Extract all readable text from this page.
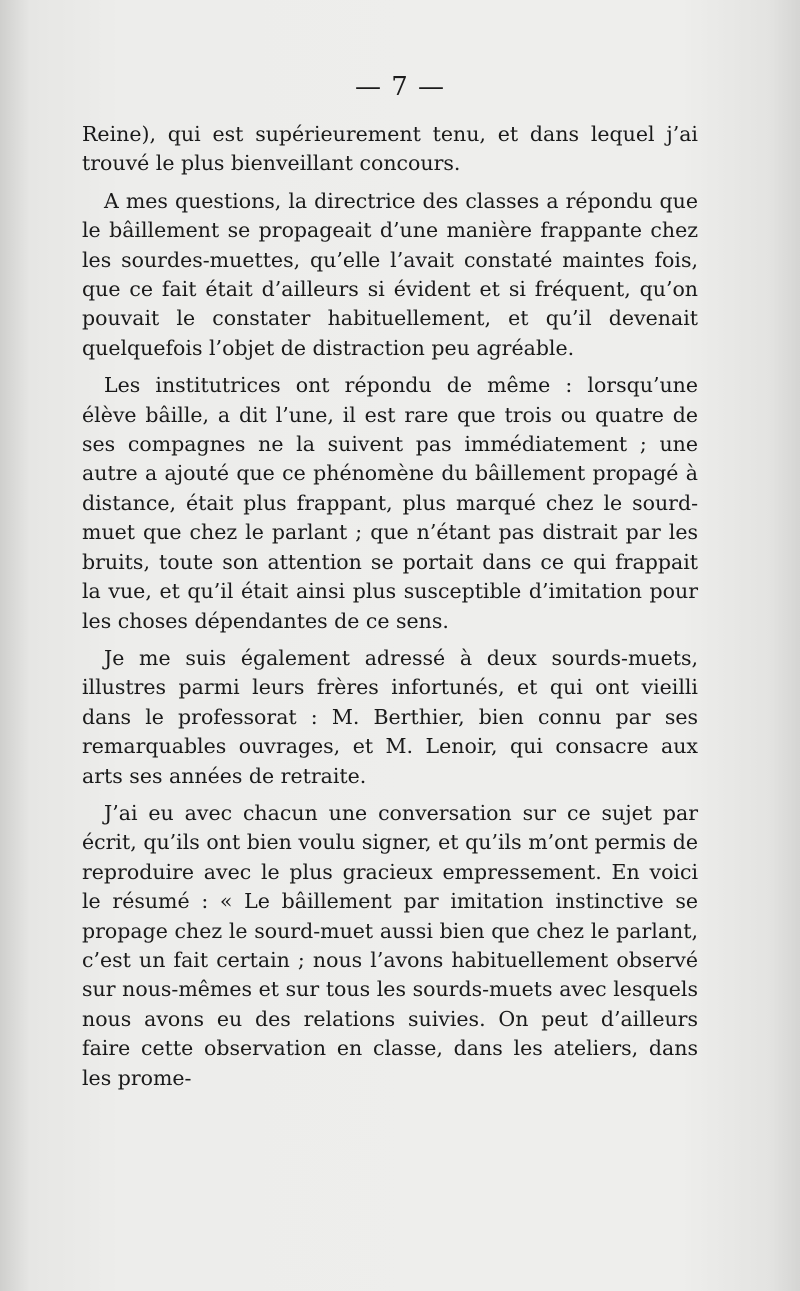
— 7 —

Reine), qui est supérieurement tenu, et dans lequel j’ai trouvé le plus bienveillant concours.

A mes questions, la directrice des classes a répondu que le bâillement se propageait d’une manière frappante chez les sourdes-muettes, qu’elle l’avait constaté maintes fois, que ce fait était d’ailleurs si évident et si fréquent, qu’on pouvait le constater habituellement, et qu’il devenait quelquefois l’objet de distraction peu agréable.

Les institutrices ont répondu de même : lorsqu’une élève bâille, a dit l’une, il est rare que trois ou quatre de ses compagnes ne la suivent pas immédiatement ; une autre a ajouté que ce phénomène du bâillement propagé à distance, était plus frappant, plus marqué chez le sourd-muet que chez le parlant ; que n’étant pas distrait par les bruits, toute son attention se portait dans ce qui frappait la vue, et qu’il était ainsi plus susceptible d’imitation pour les choses dépendantes de ce sens.

Je me suis également adressé à deux sourds-muets, illustres parmi leurs frères infortunés, et qui ont vieilli dans le professorat : M. Berthier, bien connu par ses remarquables ouvrages, et M. Lenoir, qui consacre aux arts ses années de retraite.

J’ai eu avec chacun une conversation sur ce sujet par écrit, qu’ils ont bien voulu signer, et qu’ils m’ont permis de reproduire avec le plus gracieux empressement. En voici le résumé : « Le bâillement par imitation instinctive se propage chez le sourd-muet aussi bien que chez le parlant, c’est un fait certain ; nous l’avons habituellement observé sur nous-mêmes et sur tous les sourds-muets avec lesquels nous avons eu des relations suivies. On peut d’ailleurs faire cette observation en classe, dans les ateliers, dans les prome-
